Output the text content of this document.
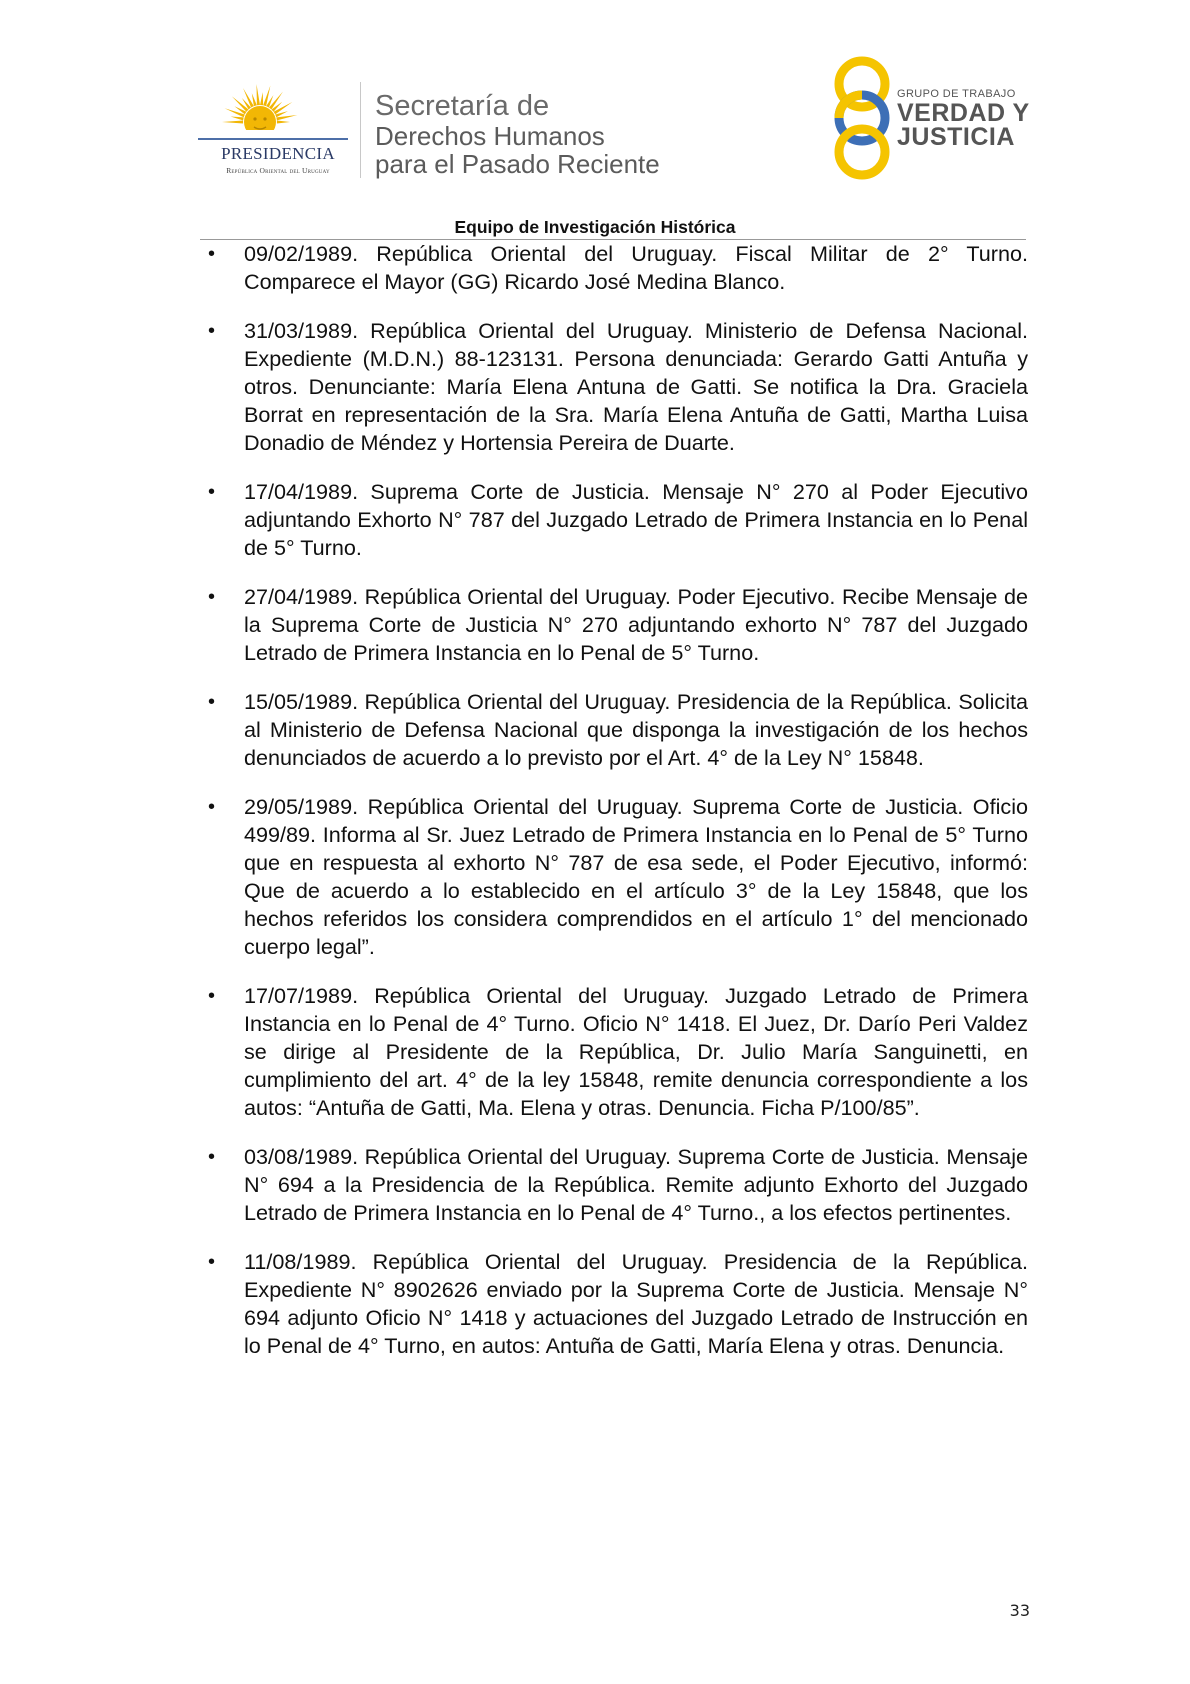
PRESIDENCIA
República Oriental del Uruguay
Secretaría de
Derechos Humanos
para el Pasado Reciente
GRUPO DE TRABAJO
VERDAD Y
JUSTICIA
Equipo de Investigación Histórica
• 09/02/1989. República Oriental del Uruguay. Fiscal Militar de 2° Turno. Comparece el Mayor (GG) Ricardo José Medina Blanco.
• 31/03/1989. República Oriental del Uruguay. Ministerio de Defensa Nacional. Expediente (M.D.N.) 88-123131. Persona denunciada: Gerardo Gatti Antuña y otros. Denunciante: María Elena Antuna de Gatti. Se notifica la Dra. Graciela Borrat en representación de la Sra. María Elena Antuña de Gatti, Martha Luisa Donadio de Méndez y Hortensia Pereira de Duarte.
• 17/04/1989. Suprema Corte de Justicia. Mensaje N° 270 al Poder Ejecutivo adjuntando Exhorto N° 787 del Juzgado Letrado de Primera Instancia en lo Penal de 5° Turno.
• 27/04/1989. República Oriental del Uruguay. Poder Ejecutivo. Recibe Mensaje de la Suprema Corte de Justicia N° 270 adjuntando exhorto N° 787 del Juzgado Letrado de Primera Instancia en lo Penal de 5° Turno.
• 15/05/1989. República Oriental del Uruguay. Presidencia de la República. Solicita al Ministerio de Defensa Nacional que disponga la investigación de los hechos denunciados de acuerdo a lo previsto por el Art. 4° de la Ley N° 15848.
• 29/05/1989. República Oriental del Uruguay. Suprema Corte de Justicia. Oficio 499/89. Informa al Sr. Juez Letrado de Primera Instancia en lo Penal de 5° Turno que en respuesta al exhorto N° 787 de esa sede, el Poder Ejecutivo, informó: Que de acuerdo a lo establecido en el artículo 3° de la Ley 15848, que los hechos referidos los considera comprendidos en el artículo 1° del mencionado cuerpo legal”.
• 17/07/1989. República Oriental del Uruguay. Juzgado Letrado de Primera Instancia en lo Penal de 4° Turno. Oficio N° 1418. El Juez, Dr. Darío Peri Valdez se dirige al Presidente de la República, Dr. Julio María Sanguinetti, en cumplimiento del art. 4° de la ley 15848, remite denuncia correspondiente a los autos: “Antuña de Gatti, Ma. Elena y otras. Denuncia. Ficha P/100/85”.
• 03/08/1989. República Oriental del Uruguay. Suprema Corte de Justicia. Mensaje N° 694 a la Presidencia de la República. Remite adjunto Exhorto del Juzgado Letrado de Primera Instancia en lo Penal de 4° Turno., a los efectos pertinentes.
• 11/08/1989. República Oriental del Uruguay. Presidencia de la República. Expediente N° 8902626 enviado por la Suprema Corte de Justicia. Mensaje N° 694 adjunto Oficio N° 1418 y actuaciones del Juzgado Letrado de Instrucción en lo Penal de 4° Turno, en autos: Antuña de Gatti, María Elena y otras. Denuncia.
33
